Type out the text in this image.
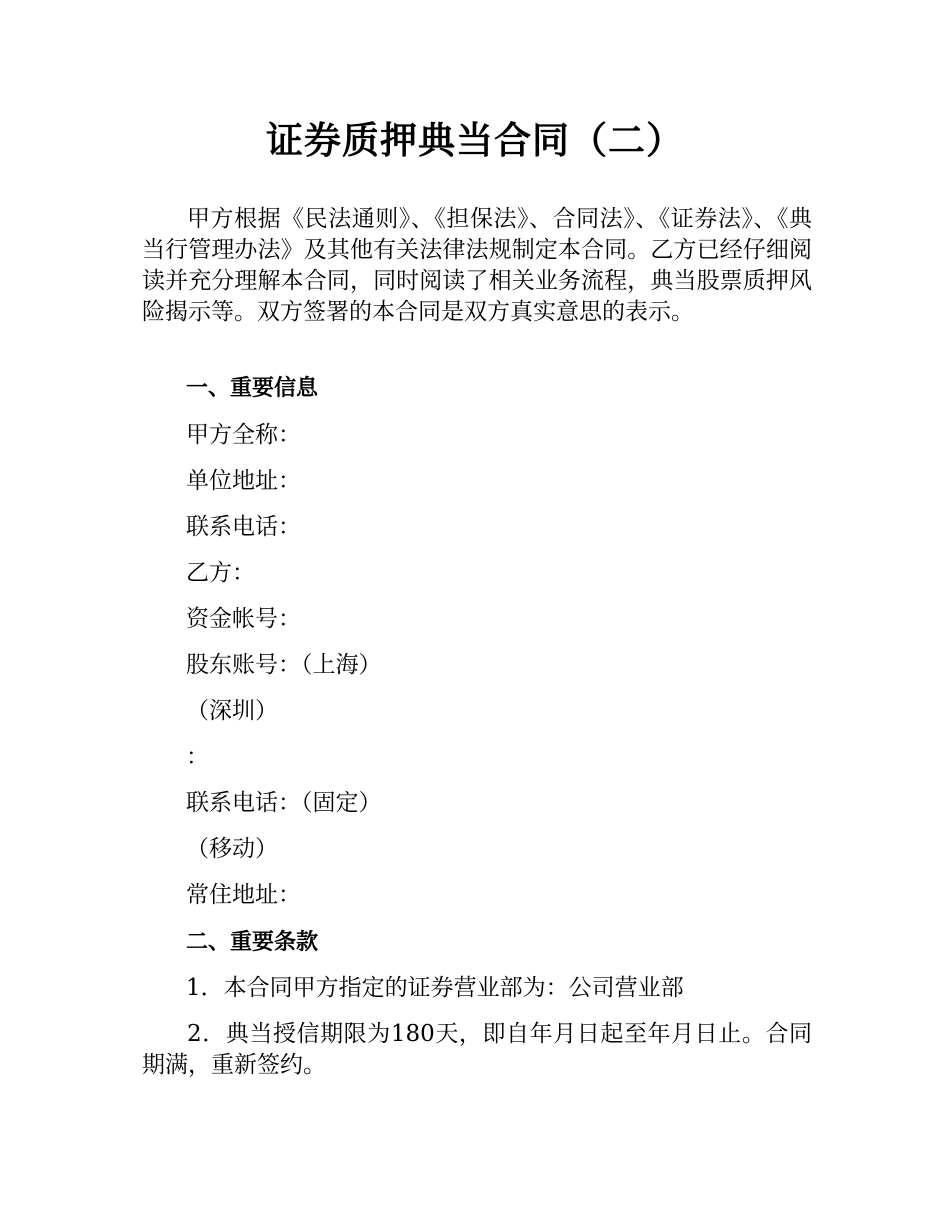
证券质押典当合同（二）
甲方根据《民法通则》、《担保法》、合同法》、《证券法》、《典当行管理办法》及其他有关法律法规制定本合同。乙方已经仔细阅读并充分理解本合同，同时阅读了相关业务流程，典当股票质押风险揭示等。双方签署的本合同是双方真实意思的表示。
一、重要信息
甲方全称：
单位地址：
联系电话：
乙方：
资金帐号：
股东账号：（上海）
（深圳）
：
联系电话：（固定）
（移动）
常住地址：
二、重要条款
1．本合同甲方指定的证券营业部为：公司营业部
2．典当授信期限为180天，即自年月日起至年月日止。合同期满，重新签约。
